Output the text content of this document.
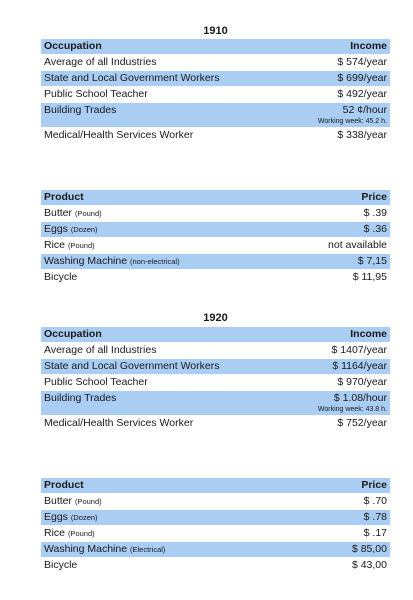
1910
Occupation	Income
Average of all Industries	$ 574/year
State and Local Government Workers	$ 699/year
Public School Teacher	$ 492/year
Building Trades	52 ¢/hour
Working week: 45.2 h.

Medical/Health Services Worker	$ 338/year
Product	Price
Butter (Pound)	$ .39
Eggs (Dozen)	$ .36
Rice (Pound)	not available
Washing Machine (non-electrical)	$ 7,15
Bicycle	$ 11,95
1920
Occupation	Income
Average of all Industries	$ 1407/year
State and Local Government Workers	$ 1164/year
Public School Teacher	$ 970/year
Building Trades	$ 1.08/hour
Working week: 43.8 h.

Medical/Health Services Worker	$ 752/year
Product	Price
Butter (Pound)	$ .70
Eggs (Dozen)	$ .78
Rice (Pound)	$ .17
Washing Machine (Electrical)	$ 85,00
Bicycle	$ 43,00
